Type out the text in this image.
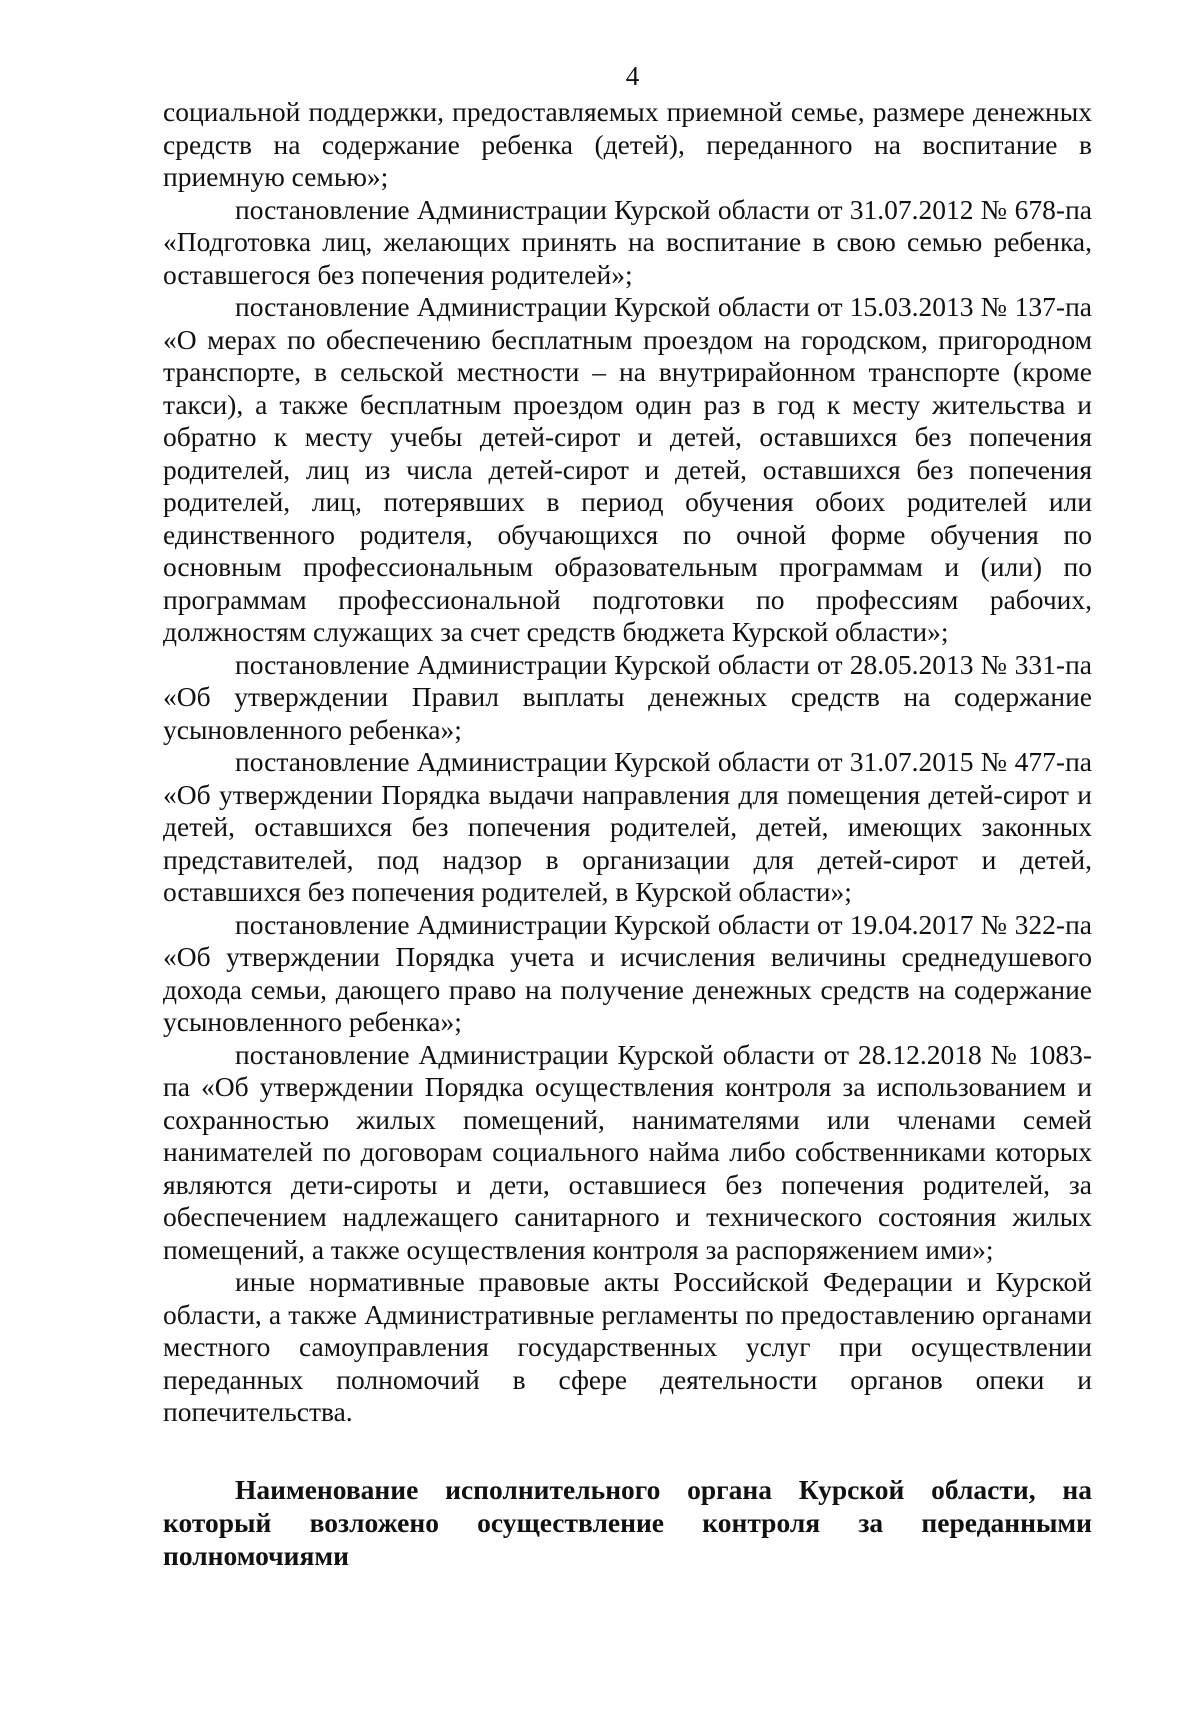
4

социальной поддержки, предоставляемых приемной семье, размере денежных средств на содержание ребенка (детей), переданного на воспитание в приемную семью»;

постановление Администрации Курской области от 31.07.2012 № 678-па «Подготовка лиц, желающих принять на воспитание в свою семью ребенка, оставшегося без попечения родителей»;

постановление Администрации Курской области от 15.03.2013 № 137-па «О мерах по обеспечению бесплатным проездом на городском, пригородном транспорте, в сельской местности – на внутрирайонном транспорте (кроме такси), а также бесплатным проездом один раз в год к месту жительства и обратно к месту учебы детей-сирот и детей, оставшихся без попечения родителей, лиц из числа детей-сирот и детей, оставшихся без попечения родителей, лиц, потерявших в период обучения обоих родителей или единственного родителя, обучающихся по очной форме обучения по основным профессиональным образовательным программам и (или) по программам профессиональной подготовки по профессиям рабочих, должностям служащих за счет средств бюджета Курской области»;

постановление Администрации Курской области от 28.05.2013 № 331-па «Об утверждении Правил выплаты денежных средств на содержание усыновленного ребенка»;

постановление Администрации Курской области от 31.07.2015 № 477-па «Об утверждении Порядка выдачи направления для помещения детей-сирот и детей, оставшихся без попечения родителей, детей, имеющих законных представителей, под надзор в организации для детей-сирот и детей, оставшихся без попечения родителей, в Курской области»;

постановление Администрации Курской области от 19.04.2017 № 322-па «Об утверждении Порядка учета и исчисления величины среднедушевого дохода семьи, дающего право на получение денежных средств на содержание усыновленного ребенка»;

постановление Администрации Курской области от 28.12.2018 № 1083-па «Об утверждении Порядка осуществления контроля за использованием и сохранностью жилых помещений, нанимателями или членами семей нанимателей по договорам социального найма либо собственниками которых являются дети-сироты и дети, оставшиеся без попечения родителей, за обеспечением надлежащего санитарного и технического состояния жилых помещений, а также осуществления контроля за распоряжением ими»;

иные нормативные правовые акты Российской Федерации и Курской области, а также Административные регламенты по предоставлению органами местного самоуправления государственных услуг при осуществлении переданных полномочий в сфере деятельности органов опеки и попечительства.

Наименование исполнительного органа Курской области, на который возложено осуществление контроля за переданными полномочиями
